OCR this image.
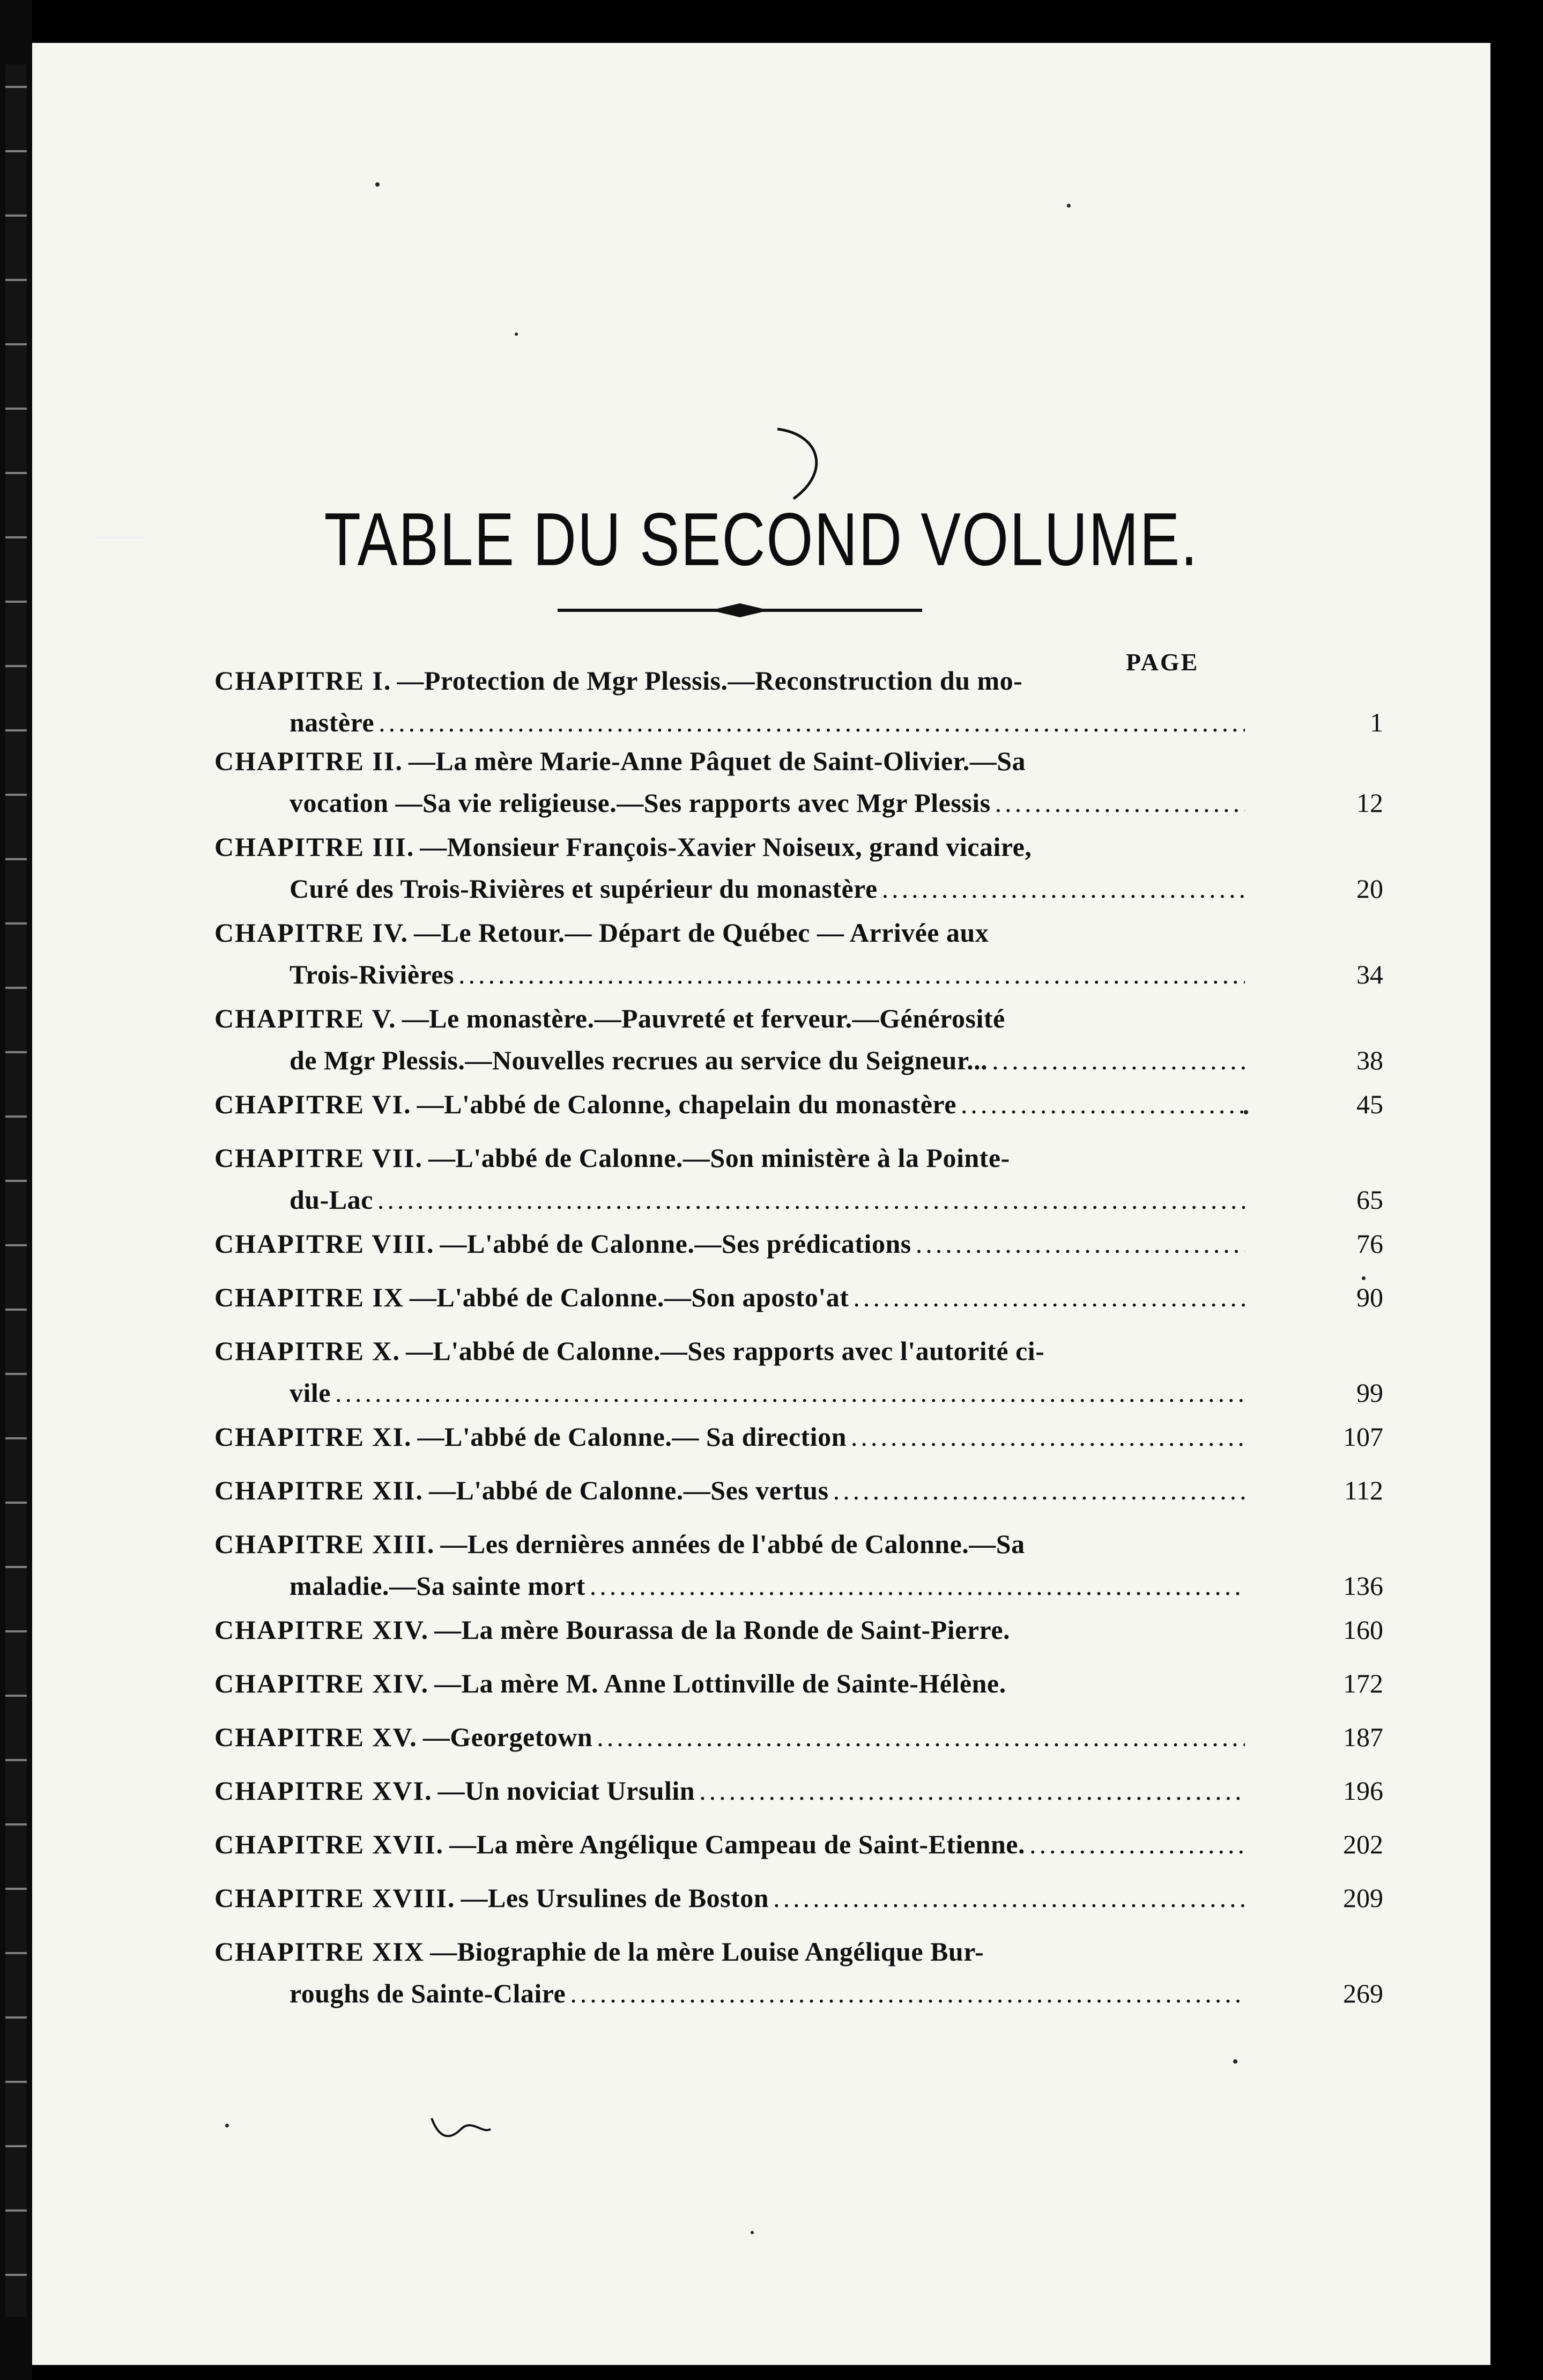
TABLE DU SECOND VOLUME.
PAGE
CHAPITRE I. —Protection de Mgr Plessis.—Reconstruction du mo-
nastère .....	1
CHAPITRE II. —La mère Marie-Anne Pâquet de Saint-Olivier.—Sa
vocation —Sa vie religieuse.—Ses rapports avec Mgr Plessis .....	12
CHAPITRE III. —Monsieur François-Xavier Noiseux, grand vicaire,
Curé des Trois-Rivières et supérieur du monastère .....	20
CHAPITRE IV. —Le Retour.— Départ de Québec — Arrivée aux
Trois-Rivières .....	34
CHAPITRE V. —Le monastère.—Pauvreté et ferveur.—Générosité
de Mgr Plessis.—Nouvelles recrues au service du Seigneur... .....	38
CHAPITRE VI. —L'abbé de Calonne, chapelain du monastère .....	45
CHAPITRE VII. —L'abbé de Calonne.—Son ministère à la Pointe-
du-Lac .....	65
CHAPITRE VIII. —L'abbé de Calonne.—Ses prédications .....	76
CHAPITRE IX —L'abbé de Calonne.—Son aposto'at .....	90
CHAPITRE X. —L'abbé de Calonne.—Ses rapports avec l'autorité ci-
vile .....	99
CHAPITRE XI. —L'abbé de Calonne.— Sa direction .....	107
CHAPITRE XII. —L'abbé de Calonne.—Ses vertus .....	112
CHAPITRE XIII. —Les dernières années de l'abbé de Calonne.—Sa
maladie.—Sa sainte mort .....	136
CHAPITRE XIV. —La mère Bourassa de la Ronde de Saint-Pierre.	160
CHAPITRE XIV. —La mère M. Anne Lottinville de Sainte-Hélène.	172
CHAPITRE XV. —Georgetown .....	187
CHAPITRE XVI. —Un noviciat Ursulin .....	196
CHAPITRE XVII. —La mère Angélique Campeau de Saint-Etienne. .....	202
CHAPITRE XVIII. —Les Ursulines de Boston .....	209
CHAPITRE XIX —Biographie de la mère Louise Angélique Bur-
roughs de Sainte-Claire .....	269
